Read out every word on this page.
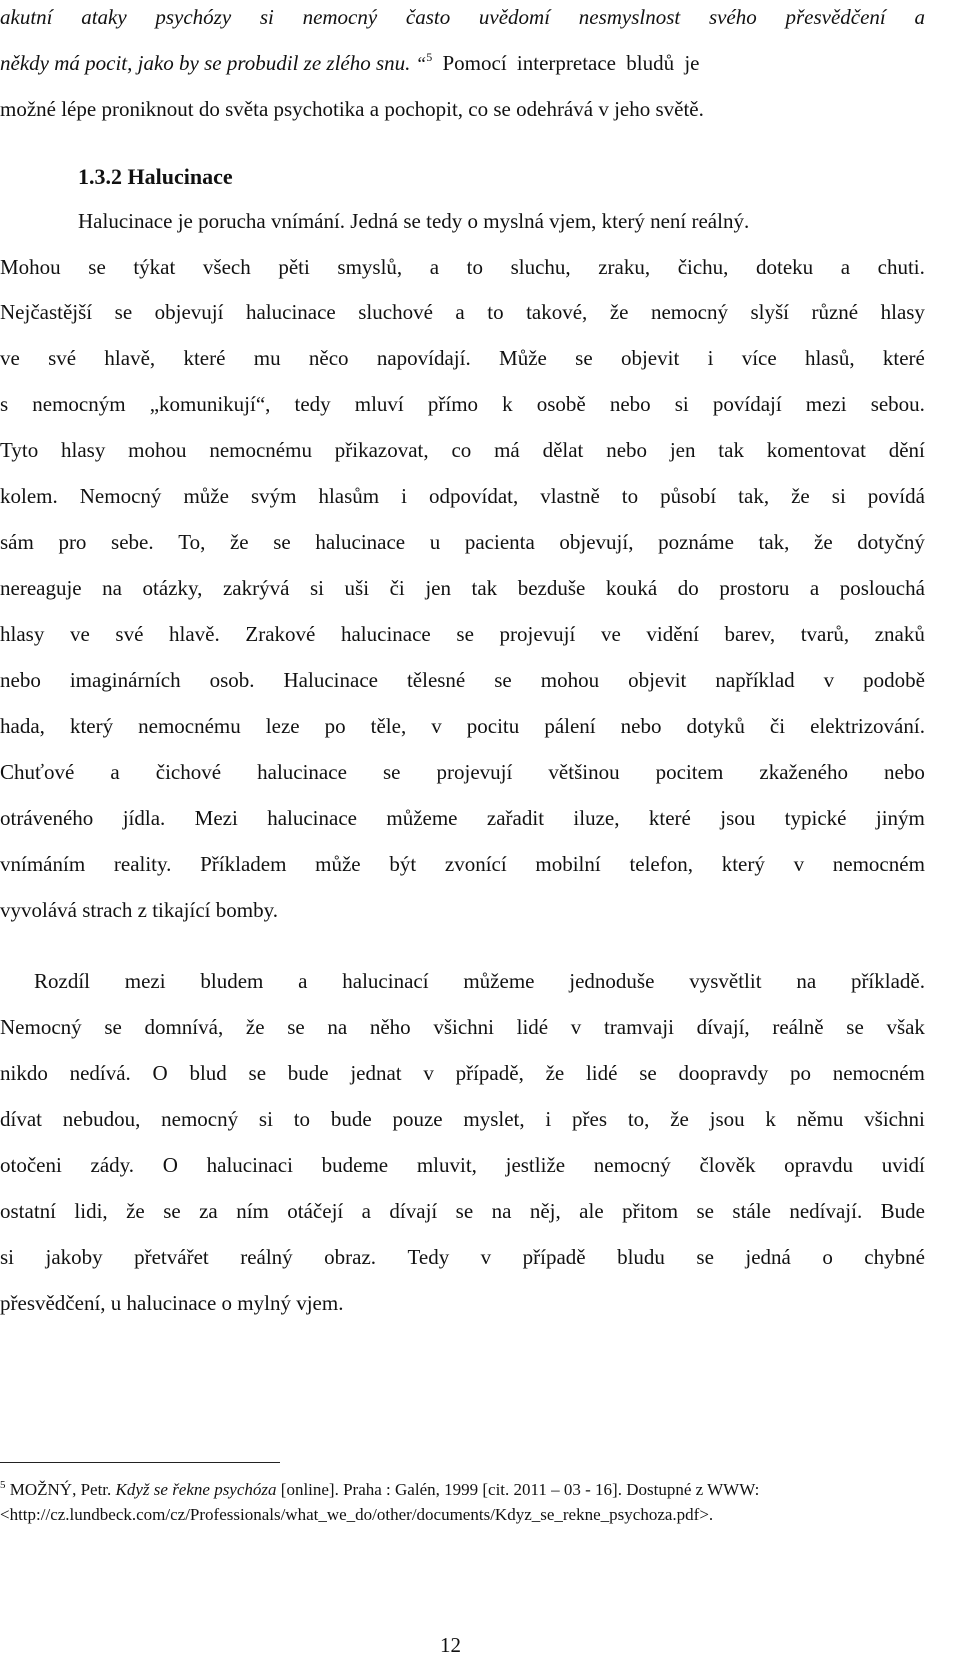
akutní ataky psychózy si nemocný často uvědomí nesmyslnost svého přesvědčení a
někdy má pocit, jako by se probudil ze zlého snu. “$^5$ Pomocí interpretace bludů je
možné lépe proniknout do světa psychotika a pochopit, co se odehrává v jeho světě.
1.3.2 Halucinace
Halucinace je porucha vnímání. Jedná se tedy o myslná vjem, který není reálný.
Mohou se týkat všech pěti smyslů, a to sluchu, zraku, čichu, doteku a chuti.
Nejčastější se objevují halucinace sluchové a to takové, že nemocný slyší různé hlasy
ve své hlavě, které mu něco napovídají. Může se objevit i více hlasů, které
s nemocným „komunikují“, tedy mluví přímo k osobě nebo si povídají mezi sebou.
Tyto hlasy mohou nemocnému přikazovat, co má dělat nebo jen tak komentovat dění
kolem. Nemocný může svým hlasům i odpovídat, vlastně to působí tak, že si povídá
sám pro sebe. To, že se halucinace u pacienta objevují, poznáme tak, že dotyčný
nereaguje na otázky, zakrývá si uši či jen tak bezduše kouká do prostoru a poslouchá
hlasy ve své hlavě. Zrakové halucinace se projevují ve vidění barev, tvarů, znaků
nebo imaginárních osob. Halucinace tělesné se mohou objevit například v podobě
hada, který nemocnému leze po těle, v pocitu pálení nebo dotyků či elektrizování.
Chuťové a čichové halucinace se projevují většinou pocitem zkaženého nebo
otráveného jídla. Mezi halucinace můžeme zařadit iluze, které jsou typické jiným
vnímáním reality. Příkladem může být zvonící mobilní telefon, který v nemocném
vyvolává strach z tikající bomby.
Rozdíl mezi bludem a halucinací můžeme jednoduše vysvětlit na příkladě.
Nemocný se domnívá, že se na něho všichni lidé v tramvaji dívají, reálně se však
nikdo nedívá. O blud se bude jednat v případě, že lidé se doopravdy po nemocném
dívat nebudou, nemocný si to bude pouze myslet, i přes to, že jsou k němu všichni
otočeni zády. O halucinaci budeme mluvit, jestliže nemocný člověk opravdu uvidí
ostatní lidi, že se za ním otáčejí a dívají se na něj, ale přitom se stále nedívají. Bude
si jakoby přetvářet reálný obraz. Tedy v případě bludu se jedná o chybné
přesvědčení, u halucinace o mylný vjem.
$^5$ MOŽNÝ, Petr. Když se řekne psychóza [online]. Praha : Galén, 1999 [cit. 2011 – 03 - 16]. Dostupné z WWW:
<http://cz.lundbeck.com/cz/Professionals/what_we_do/other/documents/Kdyz_se_rekne_psychoza.pdf>.
12
